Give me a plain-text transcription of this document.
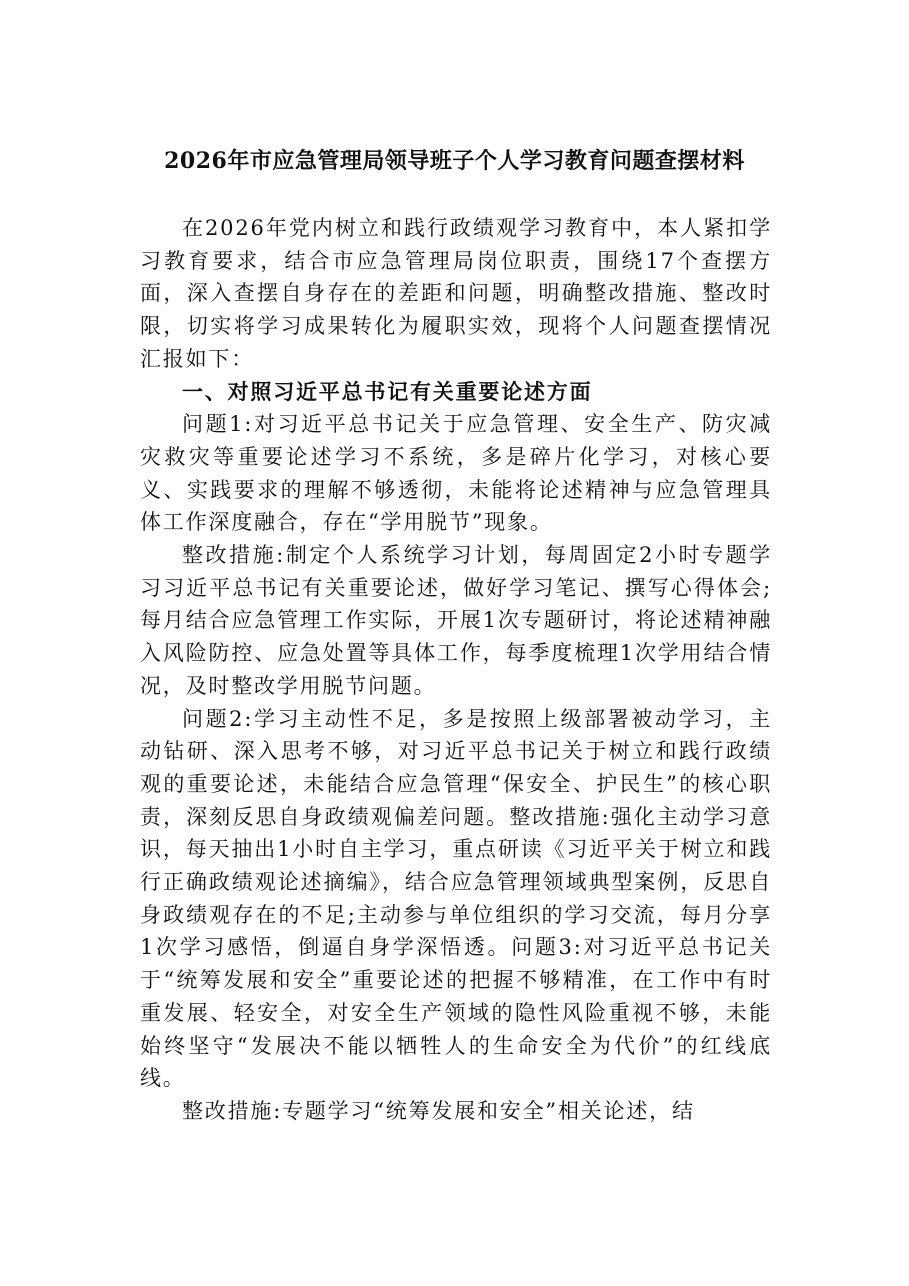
2026年市应急管理局领导班子个人学习教育问题查摆材料

在2026年党内树立和践行政绩观学习教育中，本人紧扣学习教育要求，结合市应急管理局岗位职责，围绕17个查摆方面，深入查摆自身存在的差距和问题，明确整改措施、整改时限，切实将学习成果转化为履职实效，现将个人问题查摆情况汇报如下：

一、对照习近平总书记有关重要论述方面

问题1:对习近平总书记关于应急管理、安全生产、防灾减灾救灾等重要论述学习不系统，多是碎片化学习，对核心要义、实践要求的理解不够透彻，未能将论述精神与应急管理具体工作深度融合，存在“学用脱节”现象。

整改措施:制定个人系统学习计划，每周固定2小时专题学习习近平总书记有关重要论述，做好学习笔记、撰写心得体会;每月结合应急管理工作实际，开展1次专题研讨，将论述精神融入风险防控、应急处置等具体工作，每季度梳理1次学用结合情况，及时整改学用脱节问题。

问题2:学习主动性不足，多是按照上级部署被动学习，主动钻研、深入思考不够，对习近平总书记关于树立和践行政绩观的重要论述，未能结合应急管理“保安全、护民生”的核心职责，深刻反思自身政绩观偏差问题。整改措施:强化主动学习意识，每天抽出1小时自主学习，重点研读《习近平关于树立和践行正确政绩观论述摘编》，结合应急管理领域典型案例，反思自身政绩观存在的不足;主动参与单位组织的学习交流，每月分享1次学习感悟，倒逼自身学深悟透。问题3:对习近平总书记关于“统筹发展和安全”重要论述的把握不够精准，在工作中有时重发展、轻安全，对安全生产领域的隐性风险重视不够，未能始终坚守“发展决不能以牺牲人的生命安全为代价”的红线底线。

整改措施:专题学习“统筹发展和安全”相关论述，结
